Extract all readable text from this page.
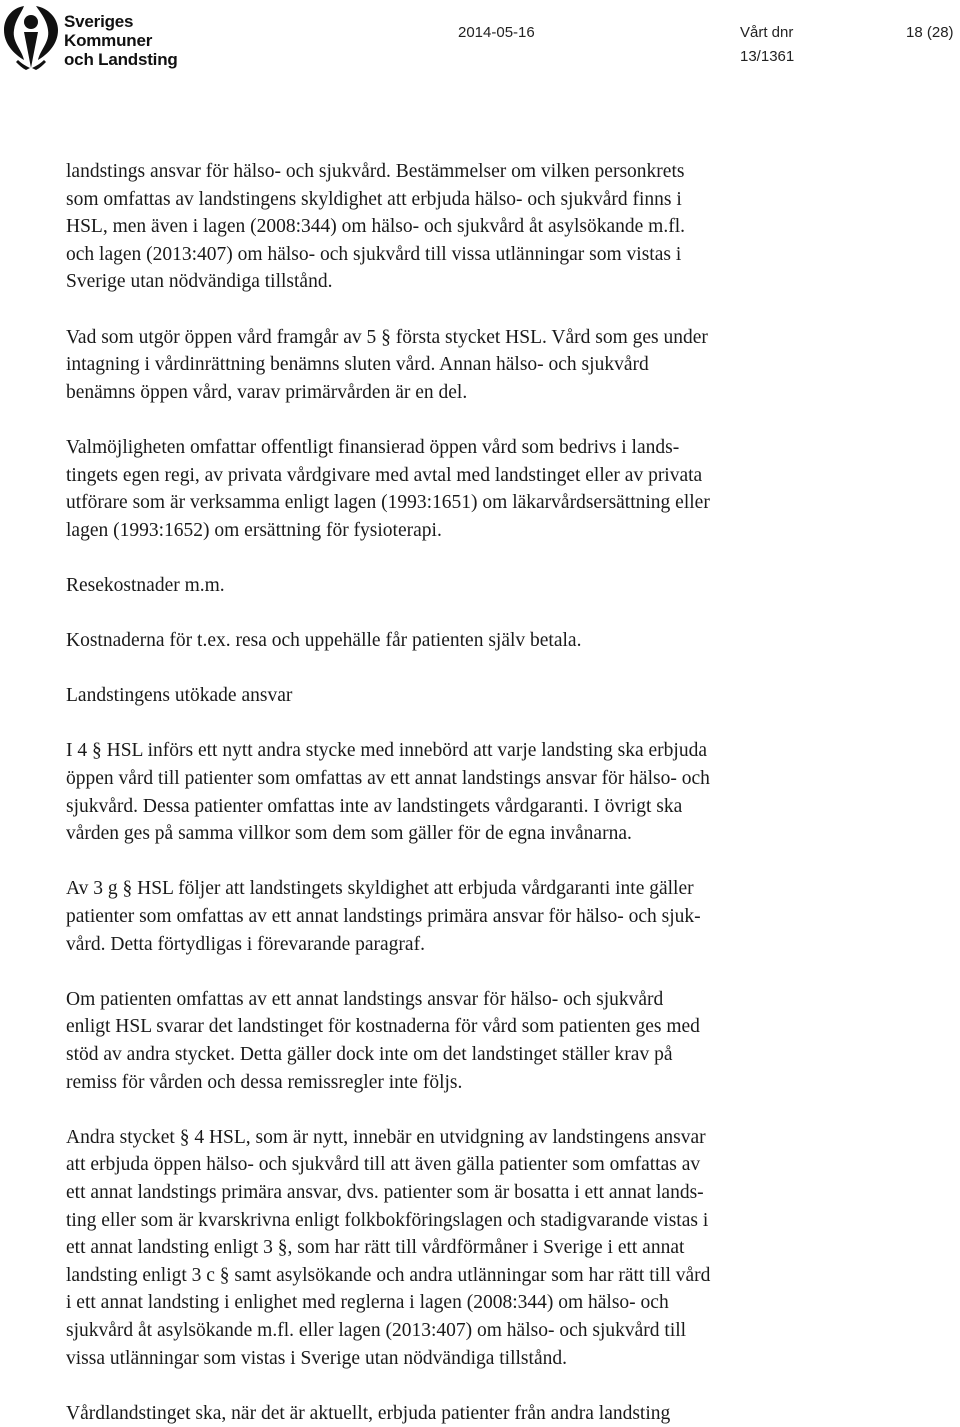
Sveriges
Kommuner
och Landsting
2014-05-16	Vårt dnr
13/1361
18 (28)

landstings ansvar för hälso- och sjukvård. Bestämmelser om vilken personkrets
som omfattas av landstingens skyldighet att erbjuda hälso- och sjukvård finns i
HSL, men även i lagen (2008:344) om hälso- och sjukvård åt asylsökande m.fl.
och lagen (2013:407) om hälso- och sjukvård till vissa utlänningar som vistas i
Sverige utan nödvändiga tillstånd.

Vad som utgör öppen vård framgår av 5 § första stycket HSL. Vård som ges under
intagning i vårdinrättning benämns sluten vård. Annan hälso- och sjukvård
benämns öppen vård, varav primärvården är en del.

Valmöjligheten omfattar offentligt finansierad öppen vård som bedrivs i lands-
tingets egen regi, av privata vårdgivare med avtal med landstinget eller av privata
utförare som är verksamma enligt lagen (1993:1651) om läkarvårdsersättning eller
lagen (1993:1652) om ersättning för fysioterapi.

Resekostnader m.m.

Kostnaderna för t.ex. resa och uppehälle får patienten själv betala.

Landstingens utökade ansvar

I 4 § HSL införs ett nytt andra stycke med innebörd att varje landsting ska erbjuda
öppen vård till patienter som omfattas av ett annat landstings ansvar för hälso- och
sjukvård. Dessa patienter omfattas inte av landstingets vårdgaranti. I övrigt ska
vården ges på samma villkor som dem som gäller för de egna invånarna.

Av 3 g § HSL följer att landstingets skyldighet att erbjuda vårdgaranti inte gäller
patienter som omfattas av ett annat landstings primära ansvar för hälso- och sjuk-
vård. Detta förtydligas i förevarande paragraf.

Om patienten omfattas av ett annat landstings ansvar för hälso- och sjukvård
enligt HSL svarar det landstinget för kostnaderna för vård som patienten ges med
stöd av andra stycket. Detta gäller dock inte om det landstinget ställer krav på
remiss för vården och dessa remissregler inte följs.

Andra stycket § 4 HSL, som är nytt, innebär en utvidgning av landstingens ansvar
att erbjuda öppen hälso- och sjukvård till att även gälla patienter som omfattas av
ett annat landstings primära ansvar, dvs. patienter som är bosatta i ett annat lands-
ting eller som är kvarskrivna enligt folkbokföringslagen och stadigvarande vistas i
ett annat landsting enligt 3 §, som har rätt till vårdförmåner i Sverige i ett annat
landsting enligt 3 c § samt asylsökande och andra utlänningar som har rätt till vård
i ett annat landsting i enlighet med reglerna i lagen (2008:344) om hälso- och
sjukvård åt asylsökande m.fl. eller lagen (2013:407) om hälso- och sjukvård till
vissa utlänningar som vistas i Sverige utan nödvändiga tillstånd.

Vårdlandstinget ska, när det är aktuellt, erbjuda patienter från andra landsting
